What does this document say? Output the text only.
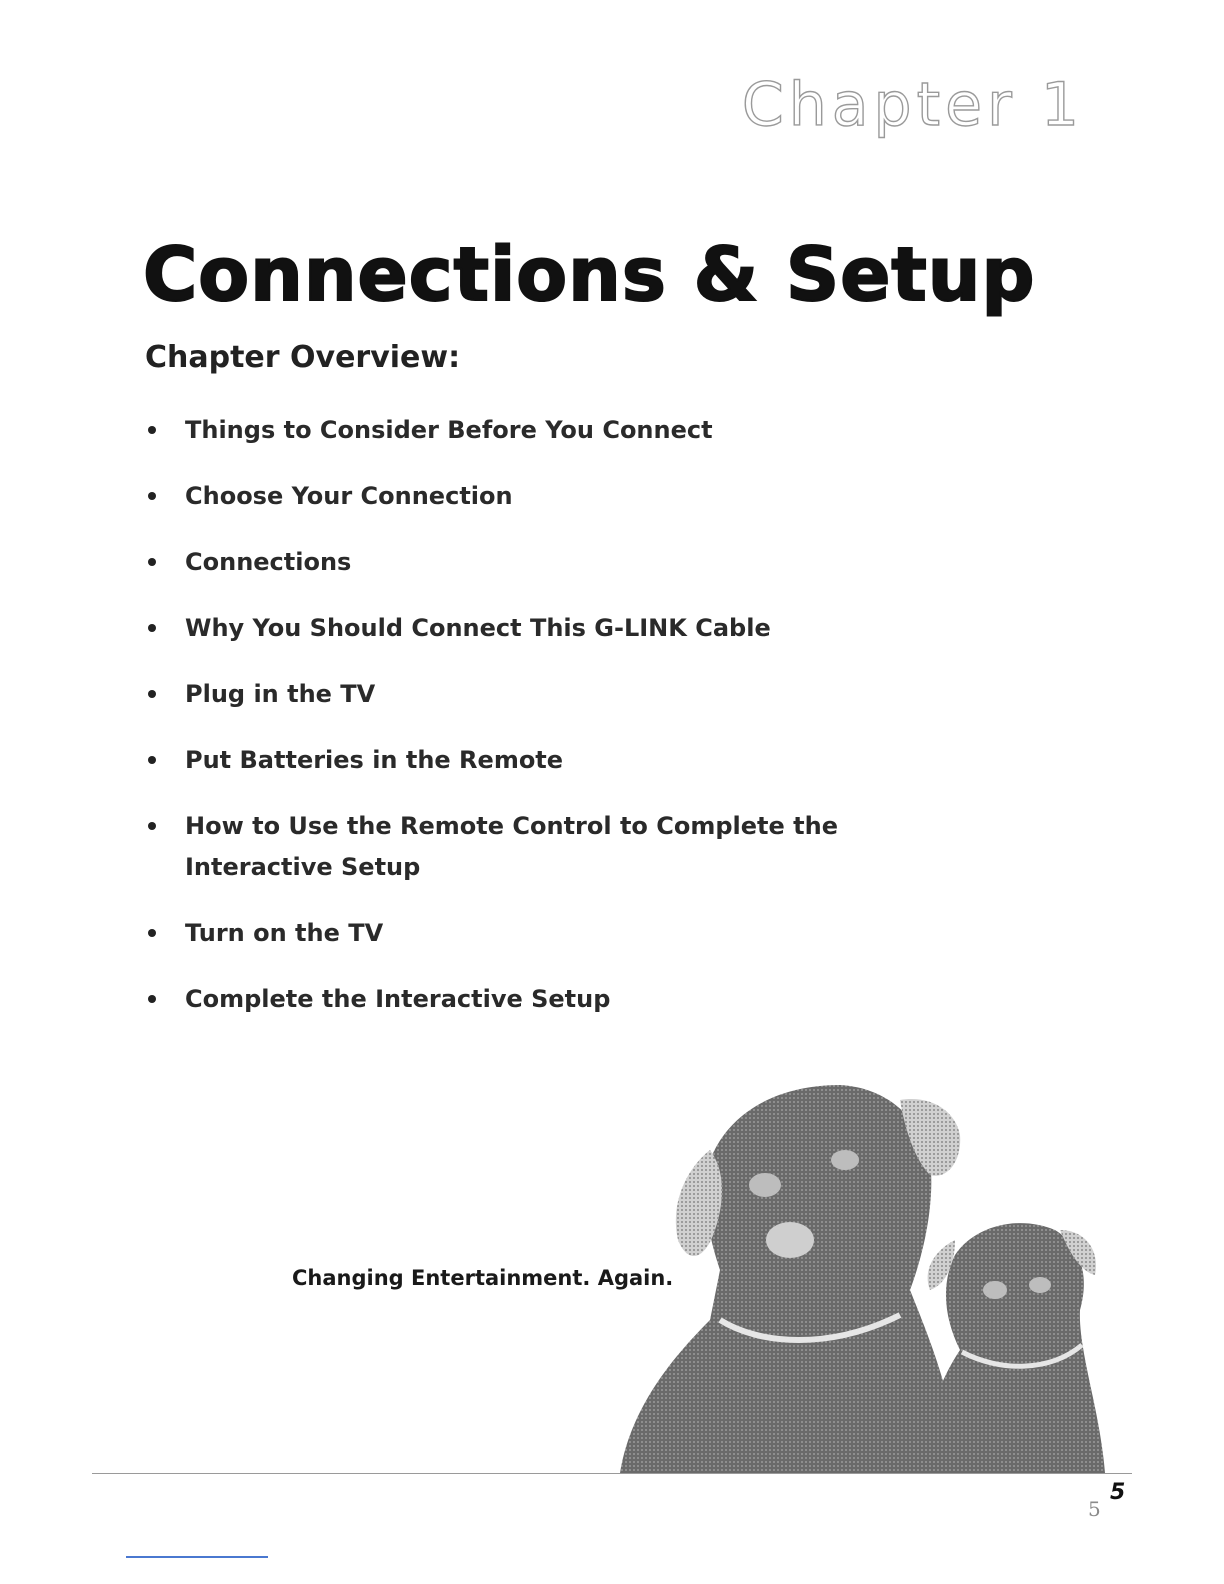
Chapter 1
Connections & Setup
Chapter Overview:
Things to Consider Before You Connect
Choose Your Connection
Connections
Why You Should Connect This G-LINK Cable
Plug in the TV
Put Batteries in the Remote
How to Use the Remote Control to Complete the Interactive Setup
Turn on the TV
Complete the Interactive Setup
Changing Entertainment. Again.
5
5
